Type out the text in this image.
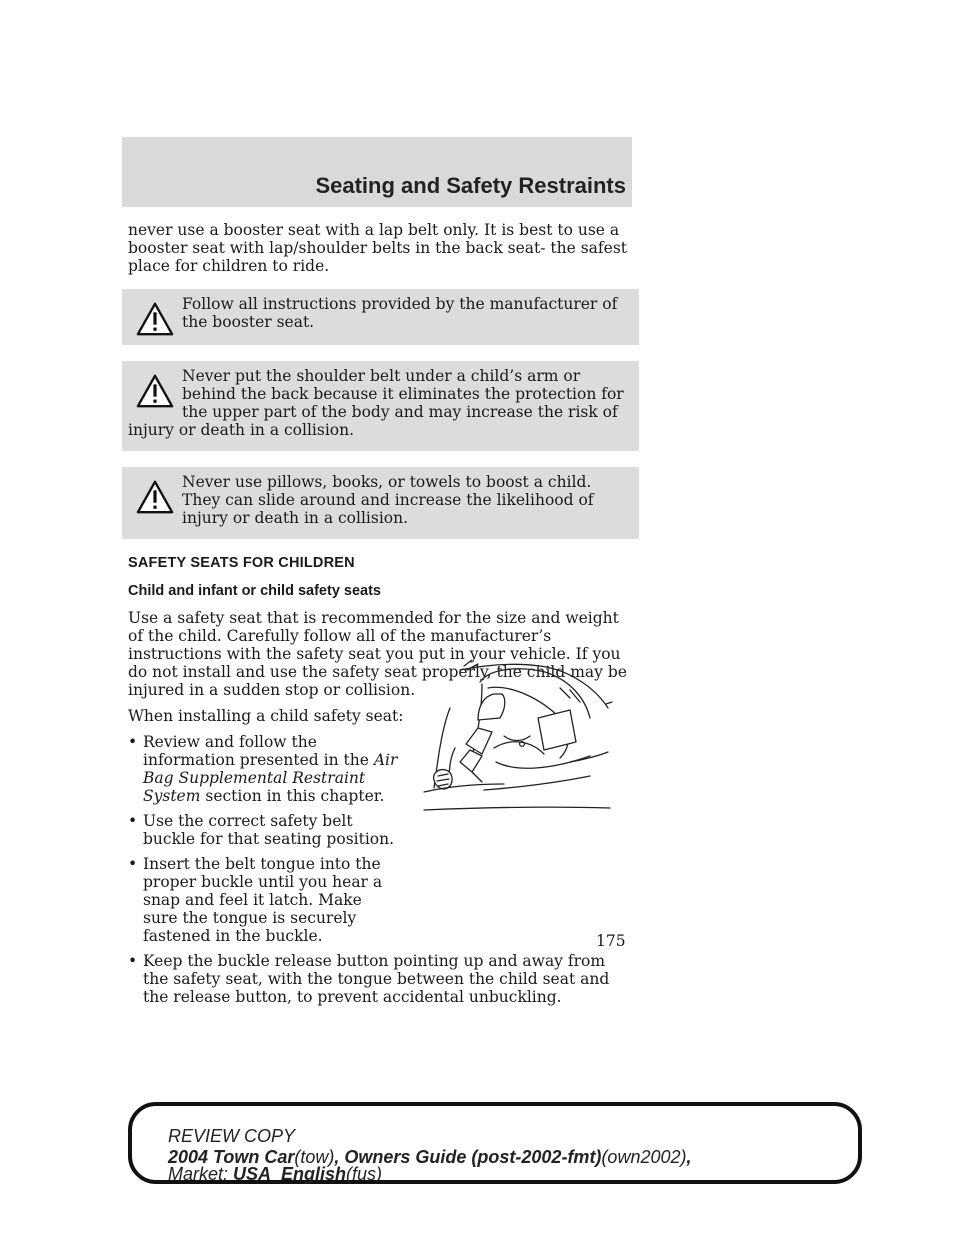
Seating and Safety Restraints

never use a booster seat with a lap belt only. It is best to use a booster seat with lap/shoulder belts in the back seat- the safest place for children to ride.

Follow all instructions provided by the manufacturer of the booster seat.
Never put the shoulder belt under a child’s arm or behind the back because it eliminates the protection for the upper part of the body and may increase the risk of injury or death in a collision.
Never use pillows, books, or towels to boost a child. They can slide around and increase the likelihood of injury or death in a collision.
SAFETY SEATS FOR CHILDREN
Child and infant or child safety seats

Use a safety seat that is recommended for the size and weight of the child. Carefully follow all of the manufacturer’s instructions with the safety seat you put in your vehicle. If you do not install and use the safety seat properly, the child may be injured in a sudden stop or collision.

When installing a child safety seat:

• Review and follow the information presented in the Air Bag Supplemental Restraint System section in this chapter.
• Use the correct safety belt buckle for that seating position.
• Insert the belt tongue into the proper buckle until you hear a snap and feel it latch. Make sure the tongue is securely fastened in the buckle.
• Keep the buckle release button pointing up and away from the safety seat, with the tongue between the child seat and the release button, to prevent accidental unbuckling.
175
REVIEW COPY
2004 Town Car(tow), Owners Guide (post-2002-fmt)(own2002),
Market: USA_English(fus)
